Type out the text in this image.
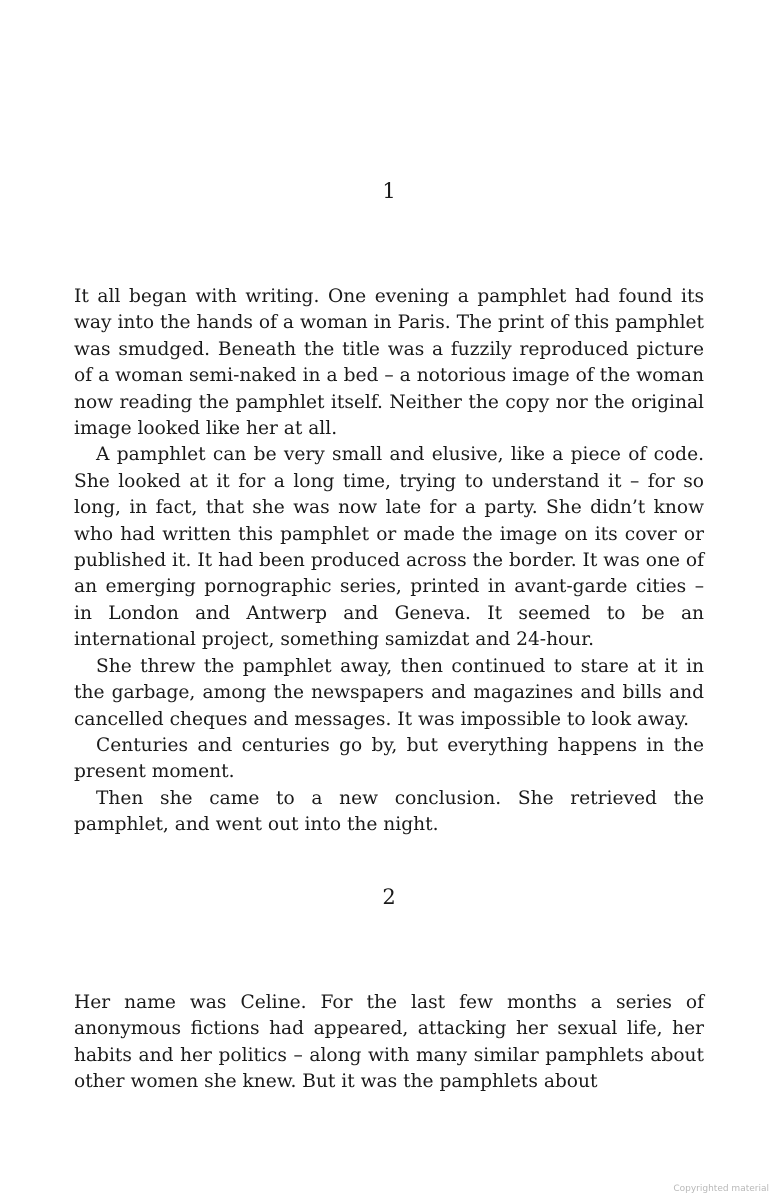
1

It all began with writing. One evening a pamphlet had found its way into the hands of a woman in Paris. The print of this pamphlet was smudged. Beneath the title was a fuzzily reproduced picture of a woman semi-naked in a bed – a notorious image of the woman now reading the pamphlet itself. Neither the copy nor the original image looked like her at all.

A pamphlet can be very small and elusive, like a piece of code. She looked at it for a long time, trying to understand it – for so long, in fact, that she was now late for a party. She didn’t know who had written this pamphlet or made the image on its cover or published it. It had been produced across the border. It was one of an emerging pornographic series, printed in avant-garde cities – in London and Antwerp and Geneva. It seemed to be an international project, something samizdat and 24-hour.

She threw the pamphlet away, then continued to stare at it in the garbage, among the newspapers and magazines and bills and cancelled cheques and messages. It was impossible to look away.

Centuries and centuries go by, but everything happens in the present moment.

Then she came to a new conclusion. She retrieved the pamphlet, and went out into the night.

2

Her name was Celine. For the last few months a series of anonymous fictions had appeared, attacking her sexual life, her habits and her politics – along with many similar pamphlets about other women she knew. But it was the pamphlets about

Copyrighted material
